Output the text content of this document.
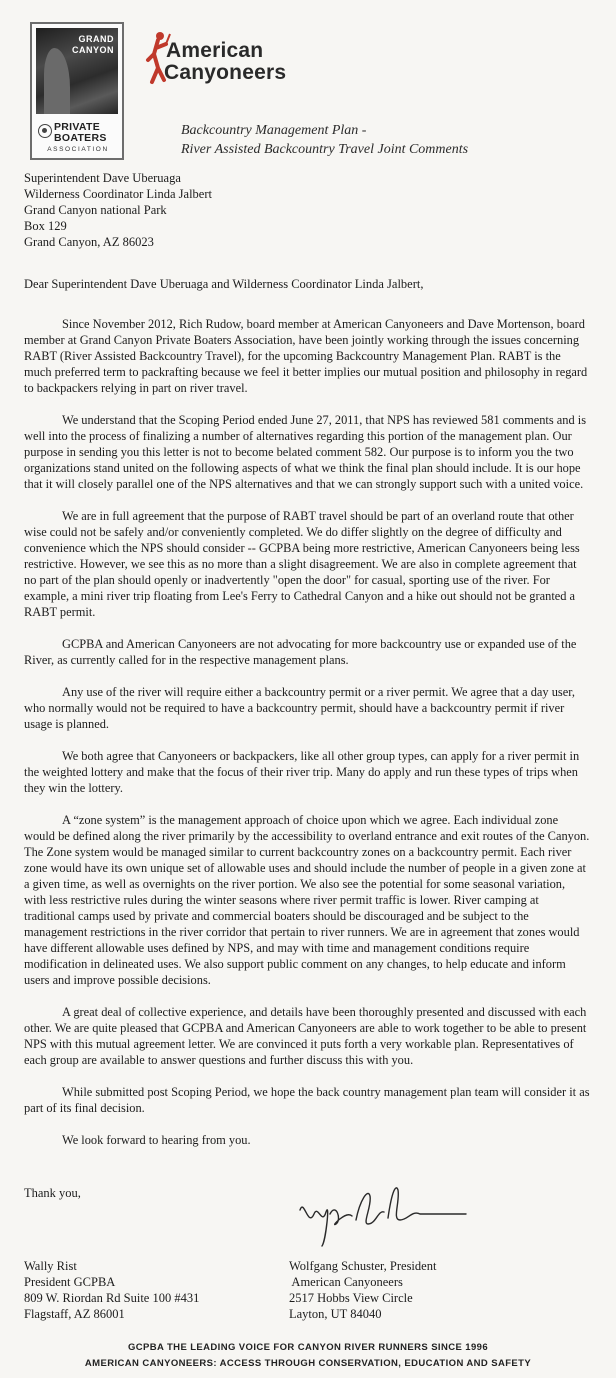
GRAND
CANYON
PRIVATE
BOATERS
ASSOCIATION
American
Canyoneers
Backcountry Management Plan -
River Assisted Backcountry Travel Joint Comments
Superintendent Dave Uberuaga
Wilderness Coordinator Linda Jalbert
Grand Canyon national Park
Box 129
Grand Canyon, AZ 86023
Dear Superintendent Dave Uberuaga and Wilderness Coordinator Linda Jalbert,

Since November 2012, Rich Rudow, board member at American Canyoneers and Dave Mortenson, board member at Grand Canyon Private Boaters Association, have been jointly working through the issues concerning RABT (River Assisted Backcountry Travel), for the upcoming Backcountry Management Plan. RABT is the much preferred term to packrafting because we feel it better implies our mutual position and philosophy in regard to backpackers relying in part on river travel.

We understand that the Scoping Period ended June 27, 2011, that NPS has reviewed 581 comments and is well into the process of finalizing a number of alternatives regarding this portion of the management plan. Our purpose in sending you this letter is not to become belated comment 582. Our purpose is to inform you the two organizations stand united on the following aspects of what we think the final plan should include. It is our hope that it will closely parallel one of the NPS alternatives and that we can strongly support such with a united voice.

We are in full agreement that the purpose of RABT travel should be part of an overland route that other wise could not be safely and/or conveniently completed. We do differ slightly on the degree of difficulty and convenience which the NPS should consider -- GCPBA being more restrictive, American Canyoneers being less restrictive. However, we see this as no more than a slight disagreement. We are also in complete agreement that no part of the plan should openly or inadvertently "open the door" for casual, sporting use of the river. For example, a mini river trip floating from Lee's Ferry to Cathedral Canyon and a hike out should not be granted a RABT permit.

GCPBA and American Canyoneers are not advocating for more backcountry use or expanded use of the River, as currently called for in the respective management plans.

Any use of the river will require either a backcountry permit or a river permit. We agree that a day user, who normally would not be required to have a backcountry permit, should have a backcountry permit if river usage is planned.

We both agree that Canyoneers or backpackers, like all other group types, can apply for a river permit in the weighted lottery and make that the focus of their river trip. Many do apply and run these types of trips when they win the lottery.

A “zone system” is the management approach of choice upon which we agree. Each individual zone would be defined along the river primarily by the accessibility to overland entrance and exit routes of the Canyon. The Zone system would be managed similar to current backcountry zones on a backcountry permit. Each river zone would have its own unique set of allowable uses and should include the number of people in a given zone at a given time, as well as overnights on the river portion. We also see the potential for some seasonal variation, with less restrictive rules during the winter seasons where river permit traffic is lower. River camping at traditional camps used by private and commercial boaters should be discouraged and be subject to the management restrictions in the river corridor that pertain to river runners. We are in agreement that zones would have different allowable uses defined by NPS, and may with time and management conditions require modification in delineated uses. We also support public comment on any changes, to help educate and inform users and improve possible decisions.

A great deal of collective experience, and details have been thoroughly presented and discussed with each other. We are quite pleased that GCPBA and American Canyoneers are able to work together to be able to present NPS with this mutual agreement letter. We are convinced it puts forth a very workable plan. Representatives of each group are available to answer questions and further discuss this with you.

While submitted post Scoping Period, we hope the back country management plan team will consider it as part of its final decision.

We look forward to hearing from you.

Thank you,
Wally Rist
President GCPBA
809 W. Riordan Rd Suite 100 #431
Flagstaff, AZ 86001
Wolfgang Schuster, President
American Canyoneers
2517 Hobbs View Circle
Layton, UT 84040
GCPBA THE LEADING VOICE FOR CANYON RIVER RUNNERS SINCE 1996
AMERICAN CANYONEERS: ACCESS THROUGH CONSERVATION, EDUCATION AND SAFETY
